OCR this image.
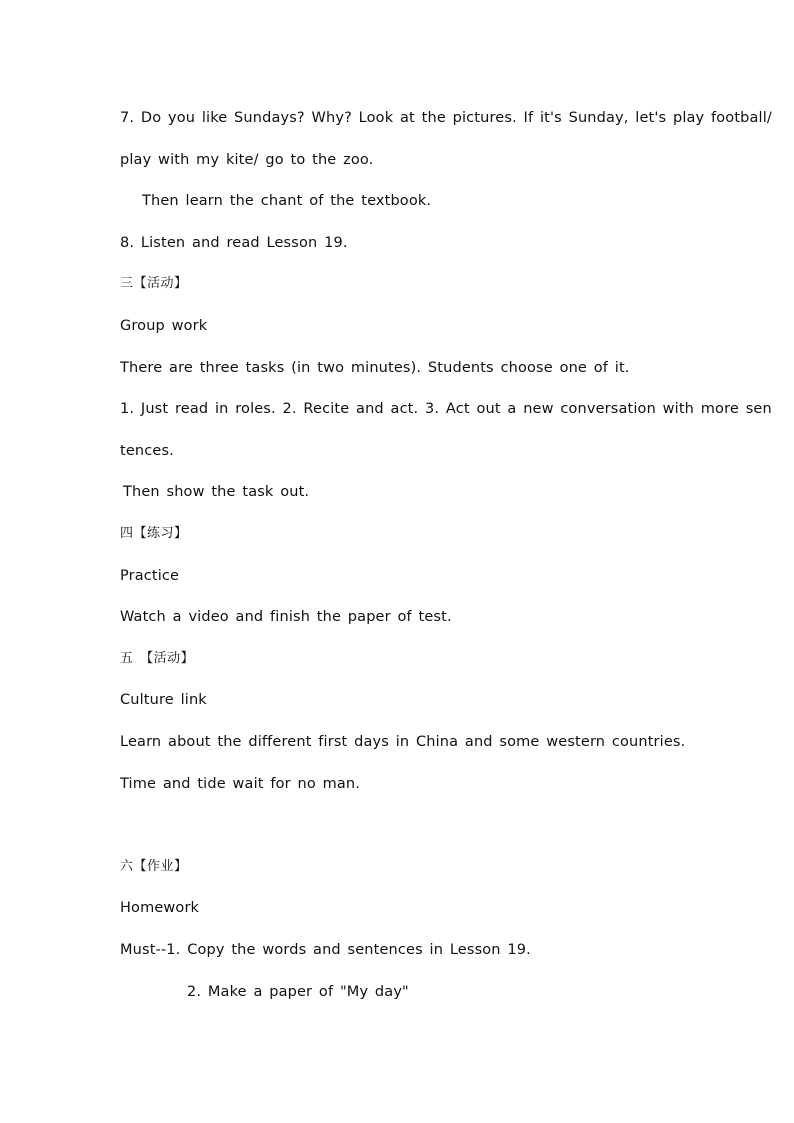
7. Do you like Sundays? Why? Look at the pictures. If it's Sunday, let's play football/
play with my kite/ go to the zoo.
Then learn the chant of the textbook.
8. Listen and read Lesson 19.
三【活动】
Group work
There are three tasks (in two minutes). Students choose one of it.
1. Just read in roles. 2. Recite and act. 3. Act out a new conversation with more sen
tences.
Then show the task out.
四【练习】
Practice
Watch a video and finish the paper of test.
五 【活动】
Culture link
Learn about the different first days in China and some western countries.
Time and tide wait for no man.
六【作业】
Homework
Must--1. Copy the words and sentences in Lesson 19.
2. Make a paper of "My day"
